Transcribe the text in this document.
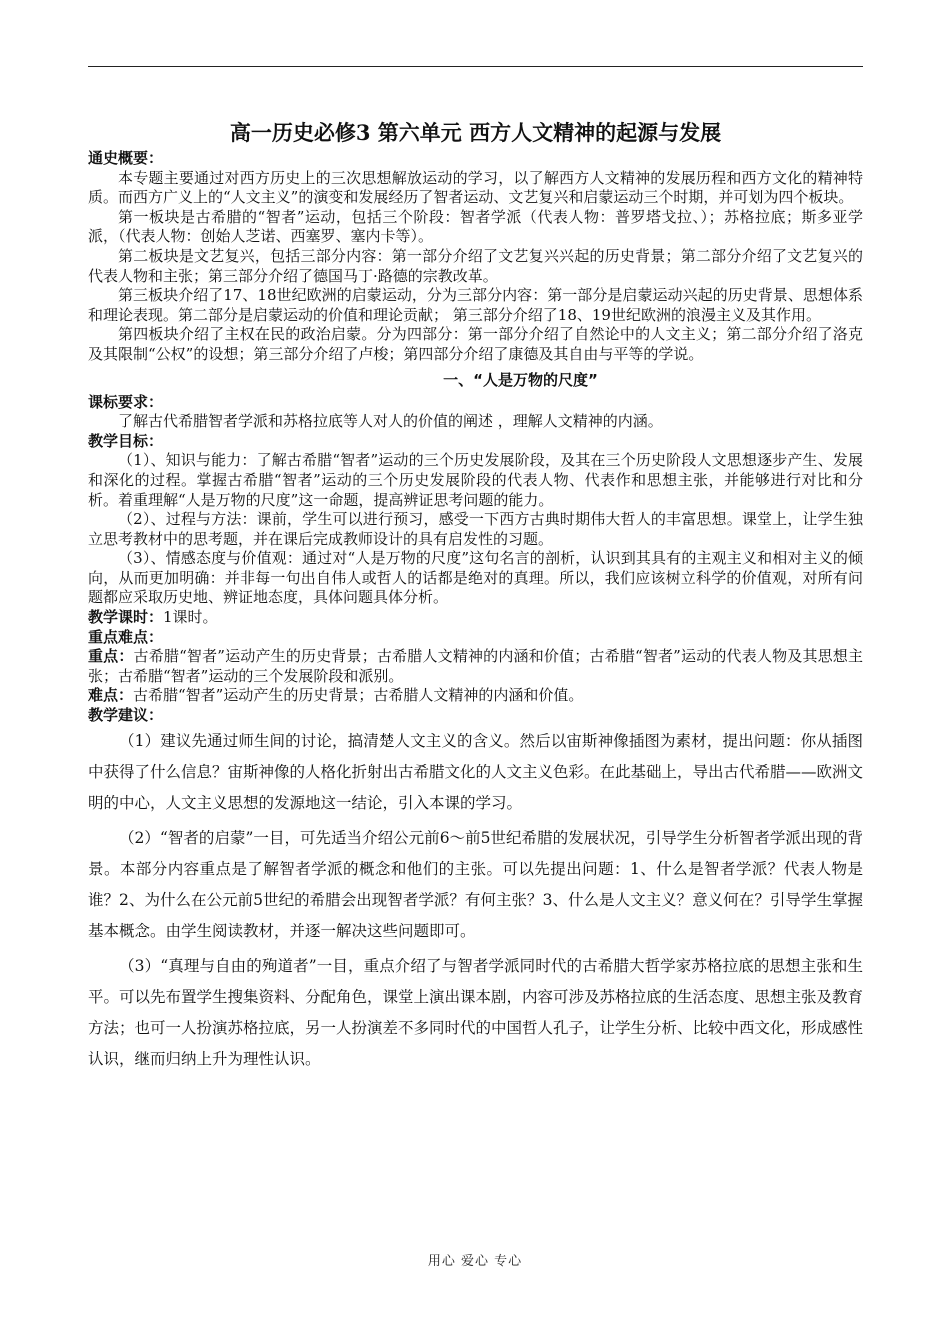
高一历史必修3 第六单元 西方人文精神的起源与发展
通史概要：

本专题主要通过对西方历史上的三次思想解放运动的学习，以了解西方人文精神的发展历程和西方文化的精神特质。而西方广义上的“人文主义”的演变和发展经历了智者运动、文艺复兴和启蒙运动三个时期，并可划为四个板块。

第一板块是古希腊的“智者”运动，包括三个阶段：智者学派（代表人物：普罗塔戈拉、）；苏格拉底；斯多亚学派，（代表人物：创始人芝诺、西塞罗、塞内卡等）。

第二板块是文艺复兴，包括三部分内容：第一部分介绍了文艺复兴兴起的历史背景；第二部分介绍了文艺复兴的代表人物和主张；第三部分介绍了德国马丁·路德的宗教改革。

第三板块介绍了17、18世纪欧洲的启蒙运动，分为三部分内容：第一部分是启蒙运动兴起的历史背景、思想体系和理论表现。第二部分是启蒙运动的价值和理论贡献； 第三部分介绍了18、19世纪欧洲的浪漫主义及其作用。

第四板块介绍了主权在民的政治启蒙。分为四部分：第一部分介绍了自然论中的人文主义；第二部分介绍了洛克及其限制“公权”的设想；第三部分介绍了卢梭；第四部分介绍了康德及其自由与平等的学说。

一、“人是万物的尺度”
课标要求：

了解古代希腊智者学派和苏格拉底等人对人的价值的阐述 ，理解人文精神的内涵。

教学目标：

（1）、知识与能力：了解古希腊“智者”运动的三个历史发展阶段，及其在三个历史阶段人文思想逐步产生、发展和深化的过程。掌握古希腊“智者”运动的三个历史发展阶段的代表人物、代表作和思想主张，并能够进行对比和分析。着重理解“人是万物的尺度”这一命题，提高辨证思考问题的能力。

（2）、过程与方法：课前，学生可以进行预习，感受一下西方古典时期伟大哲人的丰富思想。课堂上，让学生独立思考教材中的思考题，并在课后完成教师设计的具有启发性的习题。

（3）、情感态度与价值观：通过对“人是万物的尺度”这句名言的剖析，认识到其具有的主观主义和相对主义的倾向，从而更加明确：并非每一句出自伟人或哲人的话都是绝对的真理。所以，我们应该树立科学的价值观，对所有问题都应采取历史地、辨证地态度，具体问题具体分析。

教学课时：1课时。

重点难点：

重点：古希腊“智者”运动产生的历史背景；古希腊人文精神的内涵和价值；古希腊“智者”运动的代表人物及其思想主张；古希腊“智者”运动的三个发展阶段和派别。

难点：古希腊“智者”运动产生的历史背景；古希腊人文精神的内涵和价值。

教学建议：

（1）建议先通过师生间的讨论，搞清楚人文主义的含义。然后以宙斯神像插图为素材，提出问题：你从插图中获得了什么信息？宙斯神像的人格化折射出古希腊文化的人文主义色彩。在此基础上，导出古代希腊——欧洲文明的中心，人文主义思想的发源地这一结论，引入本课的学习。

（2）“智者的启蒙”一目，可先适当介绍公元前6～前5世纪希腊的发展状况，引导学生分析智者学派出现的背景。本部分内容重点是了解智者学派的概念和他们的主张。可以先提出问题：1、什么是智者学派？代表人物是谁？2、为什么在公元前5世纪的希腊会出现智者学派？有何主张？3、什么是人文主义？意义何在？引导学生掌握基本概念。由学生阅读教材，并逐一解决这些问题即可。

（3）“真理与自由的殉道者”一目，重点介绍了与智者学派同时代的古希腊大哲学家苏格拉底的思想主张和生平。可以先布置学生搜集资料、分配角色，课堂上演出课本剧，内容可涉及苏格拉底的生活态度、思想主张及教育方法；也可一人扮演苏格拉底，另一人扮演差不多同时代的中国哲人孔子，让学生分析、比较中西文化，形成感性认识，继而归纳上升为理性认识。

用心 爱心 专心
